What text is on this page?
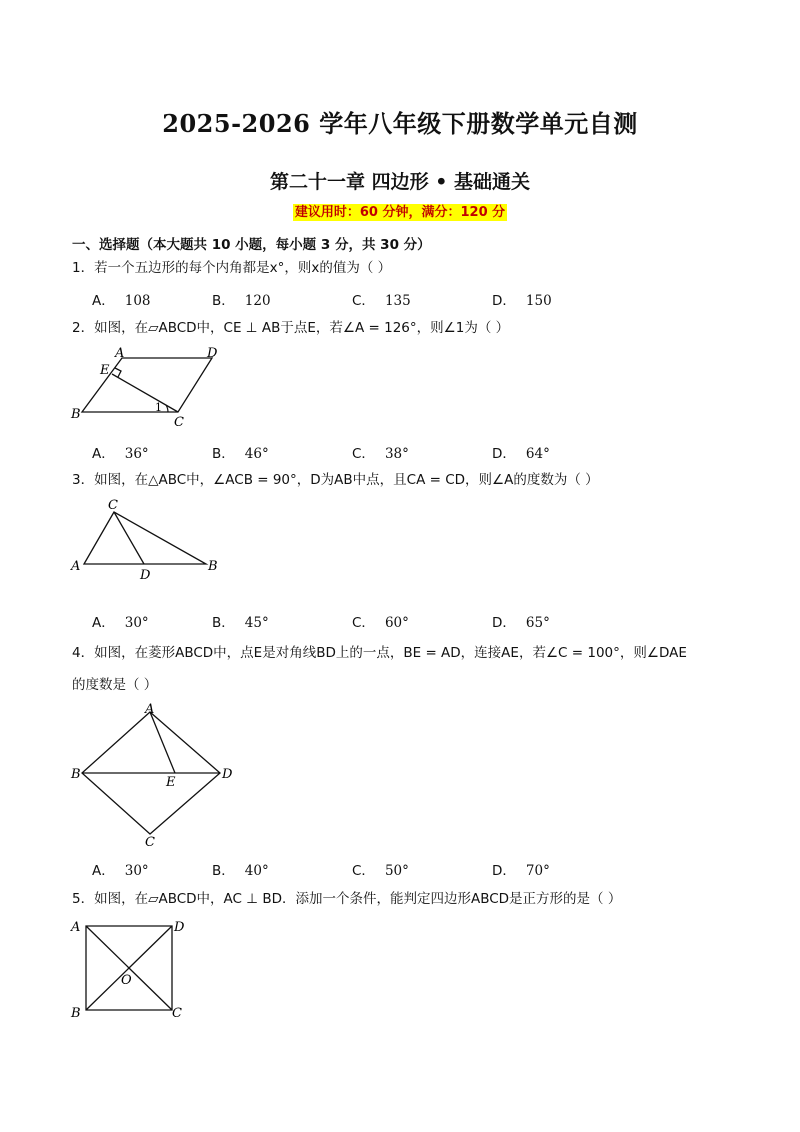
2025-2026 学年八年级下册数学单元自测
第二十一章 四边形 • 基础通关
建议用时：60 分钟，满分：120 分
一、选择题（本大题共 10 小题，每小题 3 分，共 30 分）
1．若一个五边形的每个内角都是x°，则x的值为（ ）
A． 108	B． 120	C． 135	D． 150
2．如图，在▱ABCD中，CE ⊥ AB于点E，若∠A = 126°，则∠1为（ ）
A	D
E
B
C
1
A． 36°	B． 46°	C． 38°	D． 64°
3．如图，在△ABC中，∠ACB = 90°，D为AB中点，且CA = CD，则∠A的度数为（ ）
C
A
D
B
A． 30°	B． 45°	C． 60°	D． 65°
4．如图，在菱形ABCD中，点E是对角线BD上的一点，BE = AD，连接AE，若∠C = 100°，则∠DAE
的度数是（ ）
A
B
E
D
C
A． 30°	B． 40°	C． 50°	D． 70°
5．如图，在▱ABCD中，AC ⊥ BD．添加一个条件，能判定四边形ABCD是正方形的是（ ）
A	D
O
B	C
